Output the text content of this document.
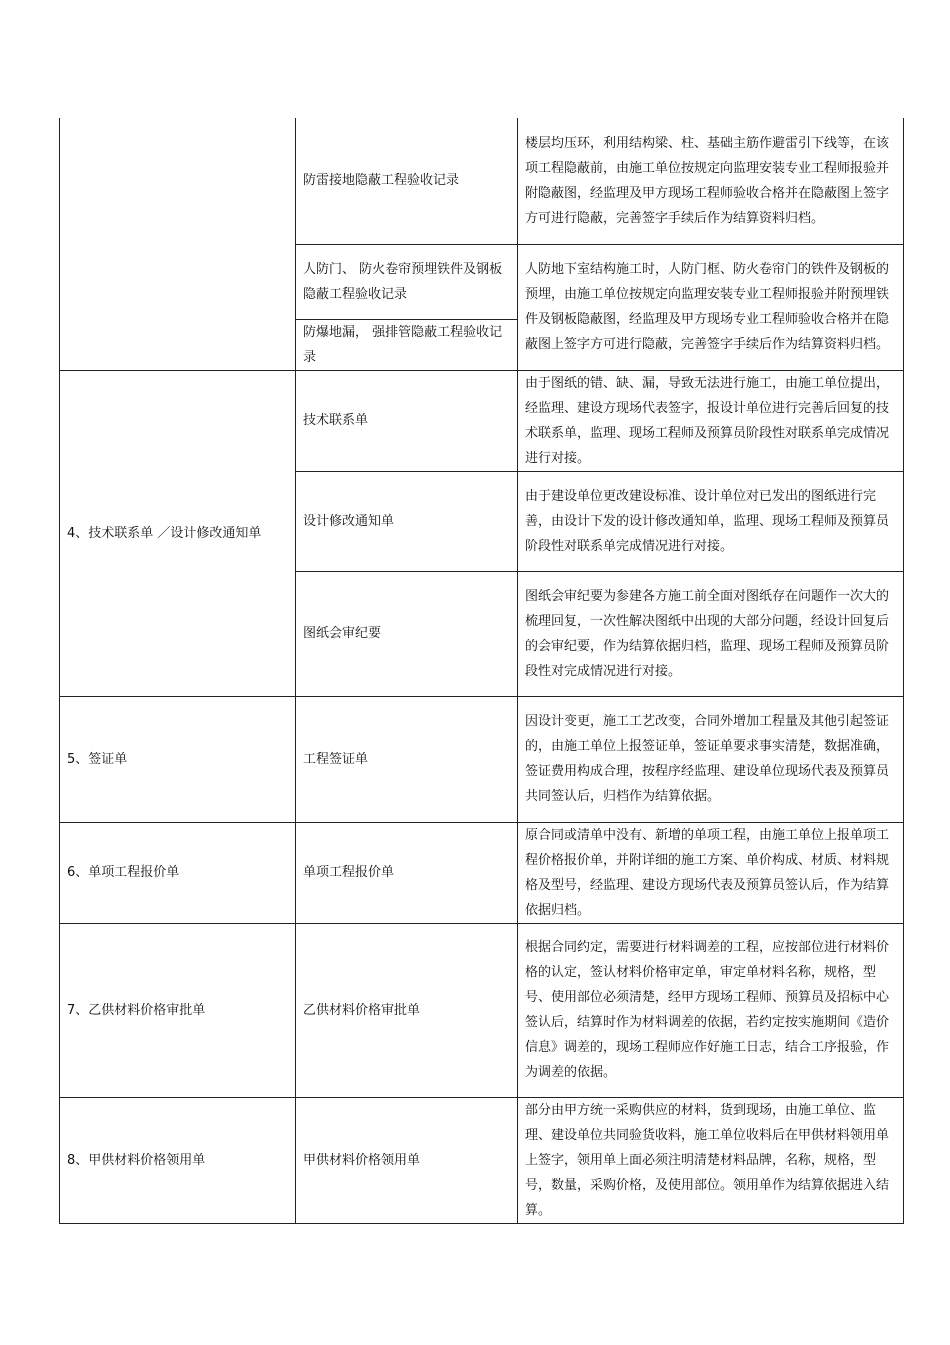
	防雷接地隐蔽工程验收记录	楼层均压环，利用结构梁、柱、基础主筋作避雷引下线等，在该项工程隐蔽前，由施工单位按规定向监理安装专业工程师报验并附隐蔽图，经监理及甲方现场工程师验收合格并在隐蔽图上签字方可进行隐蔽，完善签字手续后作为结算资料归档。
	人防门、 防火卷帘预埋铁件及钢板隐蔽工程验收记录	人防地下室结构施工时，人防门框、防火卷帘门的铁件及钢板的预埋，由施工单位按规定向监理安装专业工程师报验并附预埋铁件及钢板隐蔽图，经监理及甲方现场专业工程师验收合格并在隐蔽图上签字方可进行隐蔽，完善签字手续后作为结算资料归档。
	防爆地漏， 强排管隐蔽工程验收记录	
4、技术联系单 ／设计修改通知单	技术联系单	由于图纸的错、缺、漏，导致无法进行施工，由施工单位提出，经监理、建设方现场代表签字，报设计单位进行完善后回复的技术联系单，监理、现场工程师及预算员阶段性对联系单完成情况进行对接。
	设计修改通知单	由于建设单位更改建设标准、设计单位对已发出的图纸进行完善，由设计下发的设计修改通知单，监理、现场工程师及预算员阶段性对联系单完成情况进行对接。
	图纸会审纪要	图纸会审纪要为参建各方施工前全面对图纸存在问题作一次大的梳理回复，一次性解决图纸中出现的大部分问题，经设计回复后的会审纪要，作为结算依据归档，监理、现场工程师及预算员阶段性对完成情况进行对接。
5、签证单	工程签证单	因设计变更，施工工艺改变，合同外增加工程量及其他引起签证的，由施工单位上报签证单，签证单要求事实清楚，数据准确，签证费用构成合理，按程序经监理、建设单位现场代表及预算员共同签认后，归档作为结算依据。
6、单项工程报价单	单项工程报价单	原合同或清单中没有、新增的单项工程，由施工单位上报单项工程价格报价单，并附详细的施工方案、单价构成、材质、材料规格及型号，经监理、建设方现场代表及预算员签认后，作为结算依据归档。
7、乙供材料价格审批单	乙供材料价格审批单	根据合同约定，需要进行材料调差的工程，应按部位进行材料价格的认定，签认材料价格审定单，审定单材料名称，规格，型号、使用部位必须清楚，经甲方现场工程师、预算员及招标中心签认后，结算时作为材料调差的依据，若约定按实施期间《造价信息》调差的，现场工程师应作好施工日志，结合工序报验，作为调差的依据。
8、甲供材料价格领用单	甲供材料价格领用单	部分由甲方统一采购供应的材料，货到现场，由施工单位、监理、建设单位共同验货收料，施工单位收料后在甲供材料领用单上签字，领用单上面必须注明清楚材料品牌，名称，规格，型号，数量，采购价格，及使用部位。领用单作为结算依据进入结算。
